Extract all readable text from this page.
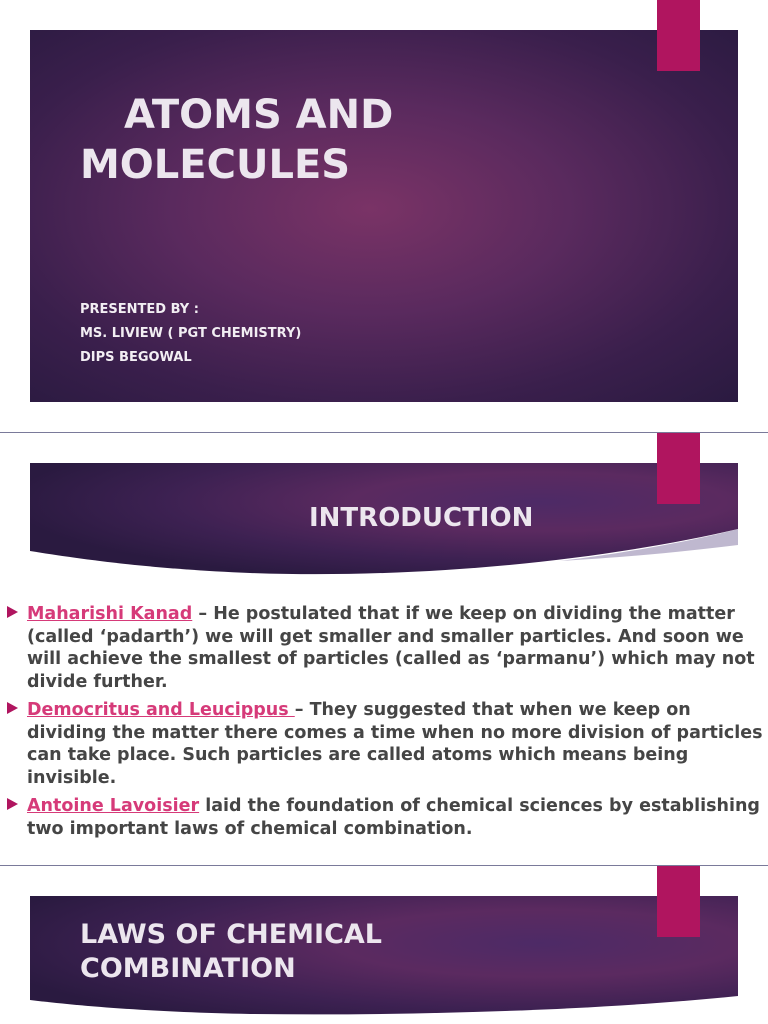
ATOMS AND
MOLECULES
PRESENTED BY :
MS. LIVIEW ( PGT CHEMISTRY)
DIPS BEGOWAL
INTRODUCTION
Maharishi Kanad – He postulated that if we keep on dividing the matter (called ‘padarth’) we will get smaller and smaller particles. And soon we will achieve the smallest of particles (called as ‘parmanu’) which may not divide further.
Democritus and Leucippus – They suggested that when we keep on dividing the matter there comes a time when no more division of particles can take place. Such particles are called atoms which means being invisible.
Antoine Lavoisier laid the foundation of chemical sciences by establishing two important laws of chemical combination.
LAWS OF CHEMICAL
COMBINATION
